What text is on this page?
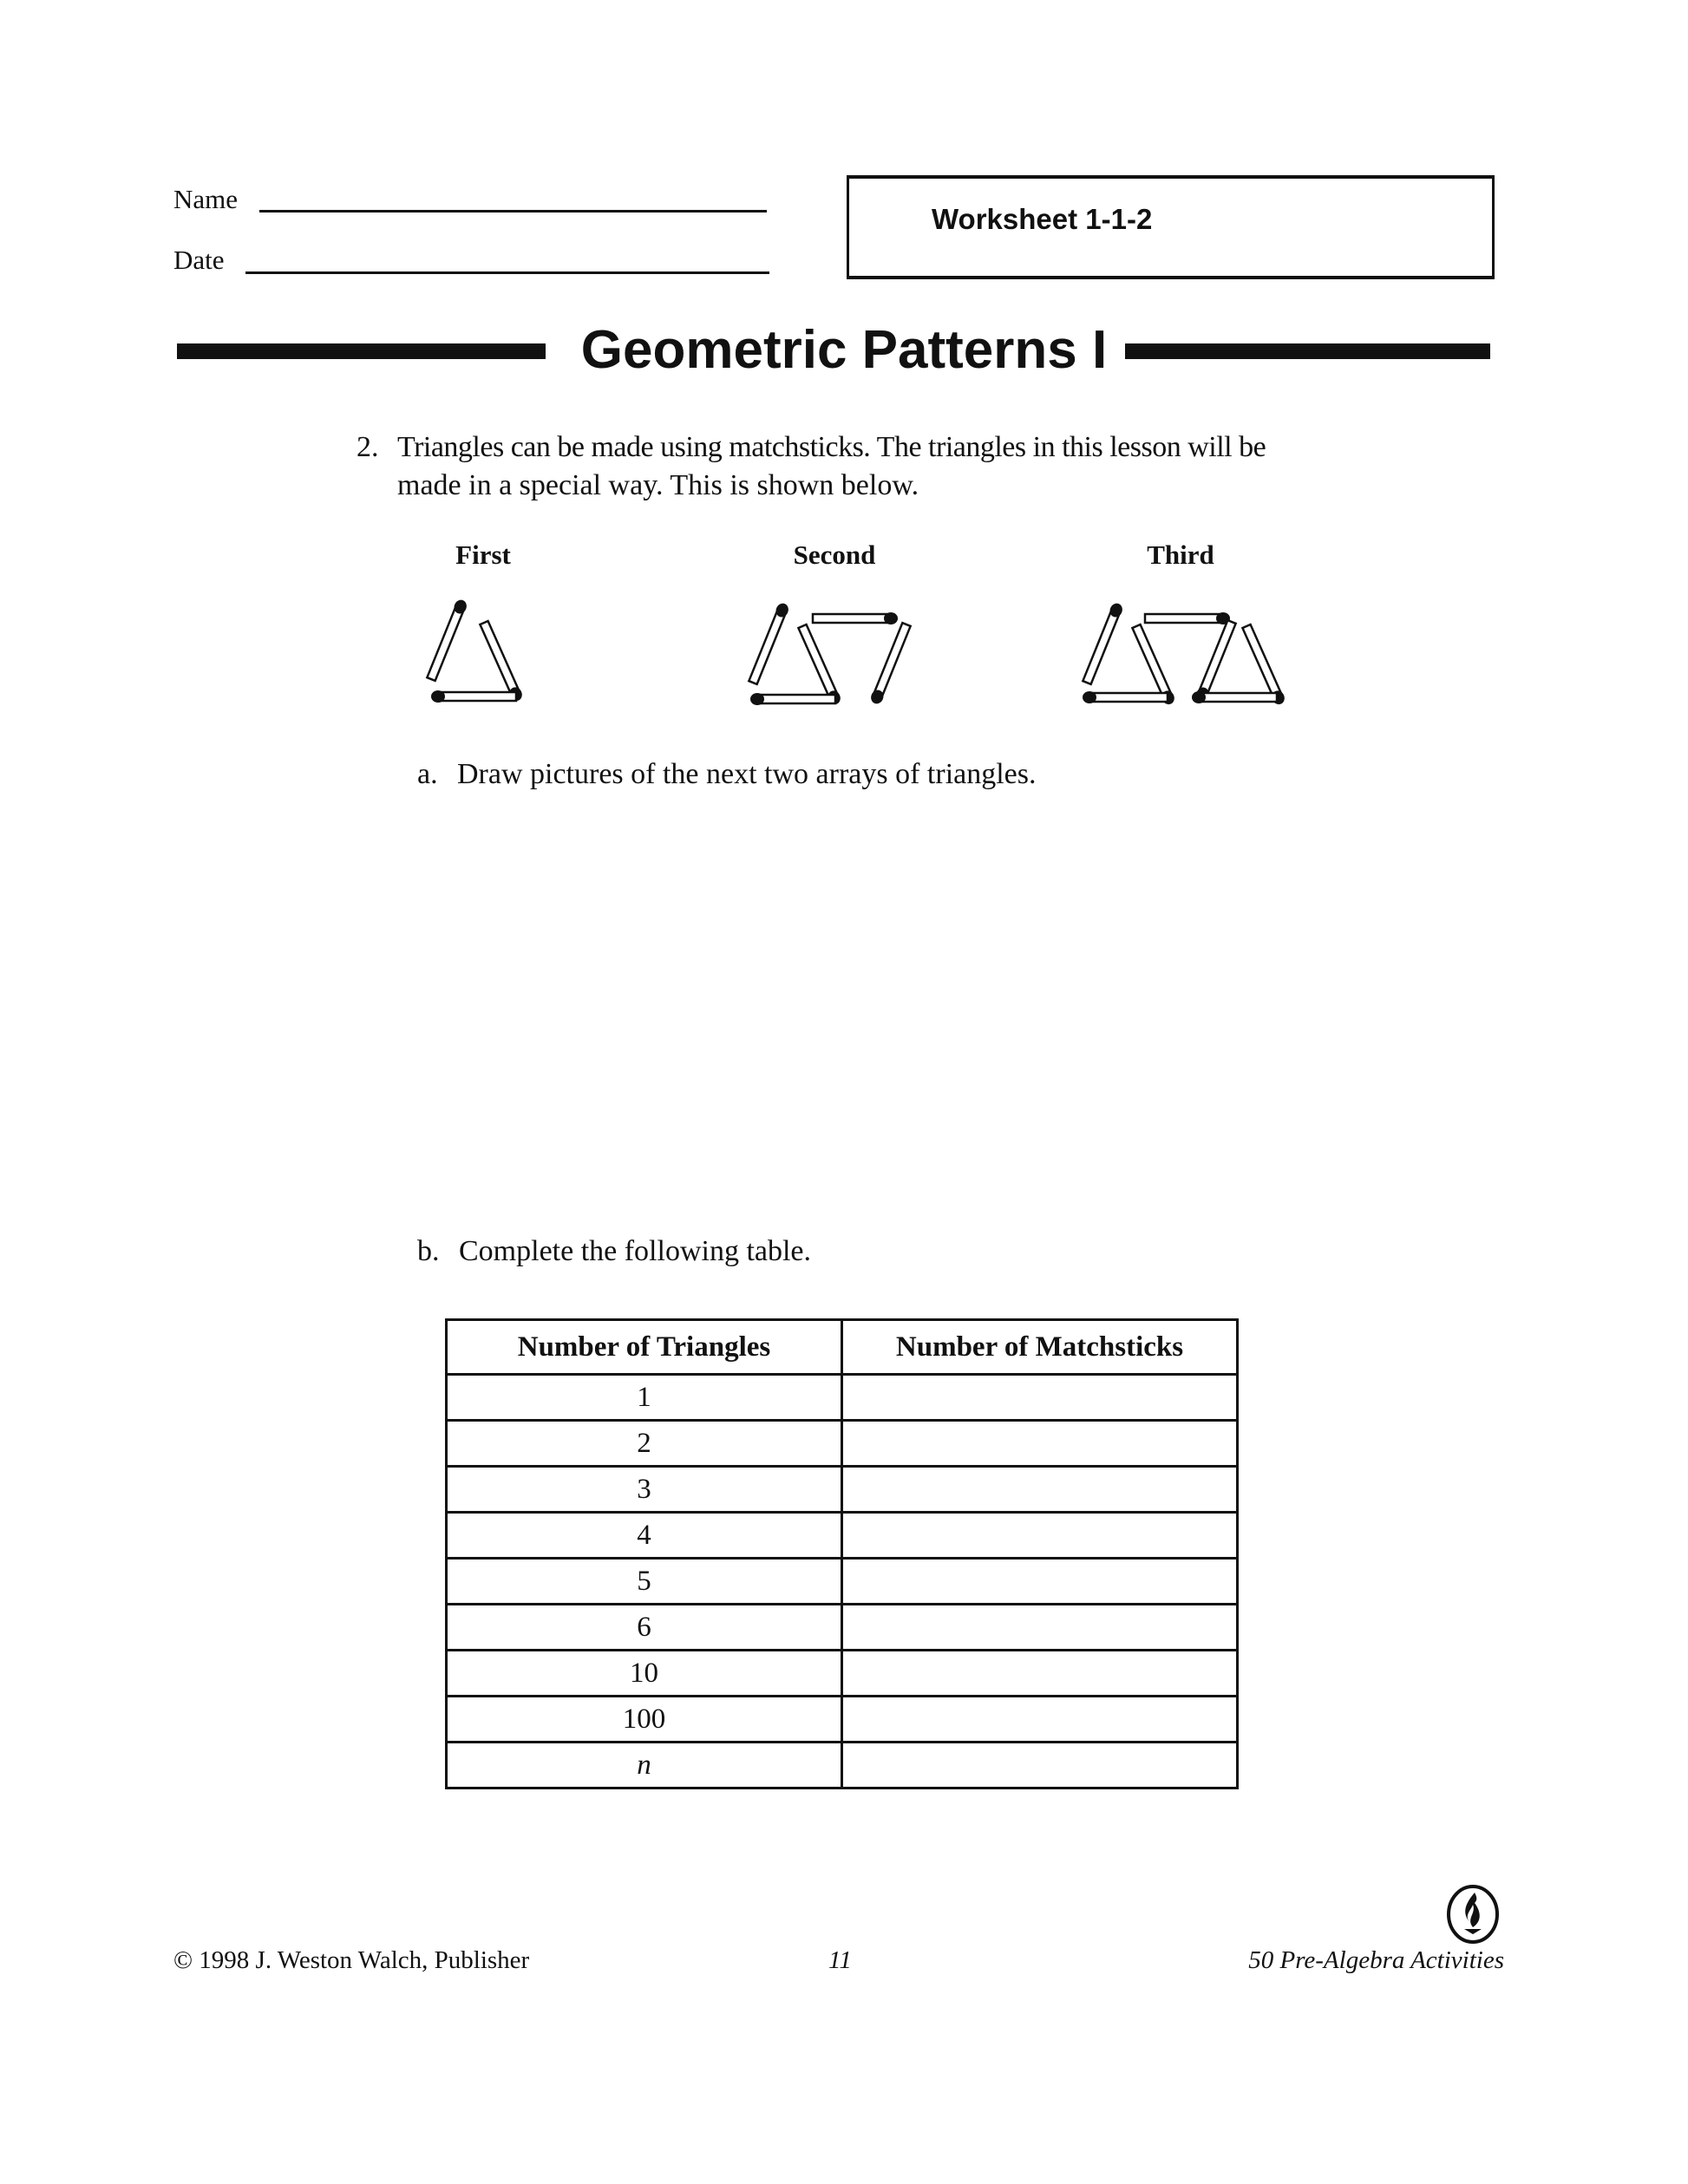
Name
Date
Worksheet 1-1-2
Geometric Patterns I
2. Triangles can be made using matchsticks. The triangles in this lesson will be
made in a special way. This is shown below.
First	Second	Third
a. Draw pictures of the next two arrays of triangles.
b. Complete the following table.
Number of Triangles	Number of Matchsticks
1	
2	
3	
4	
5	
6	
10	
100	
n	
© 1998 J. Weston Walch, Publisher	11	50 Pre-Algebra Activities
